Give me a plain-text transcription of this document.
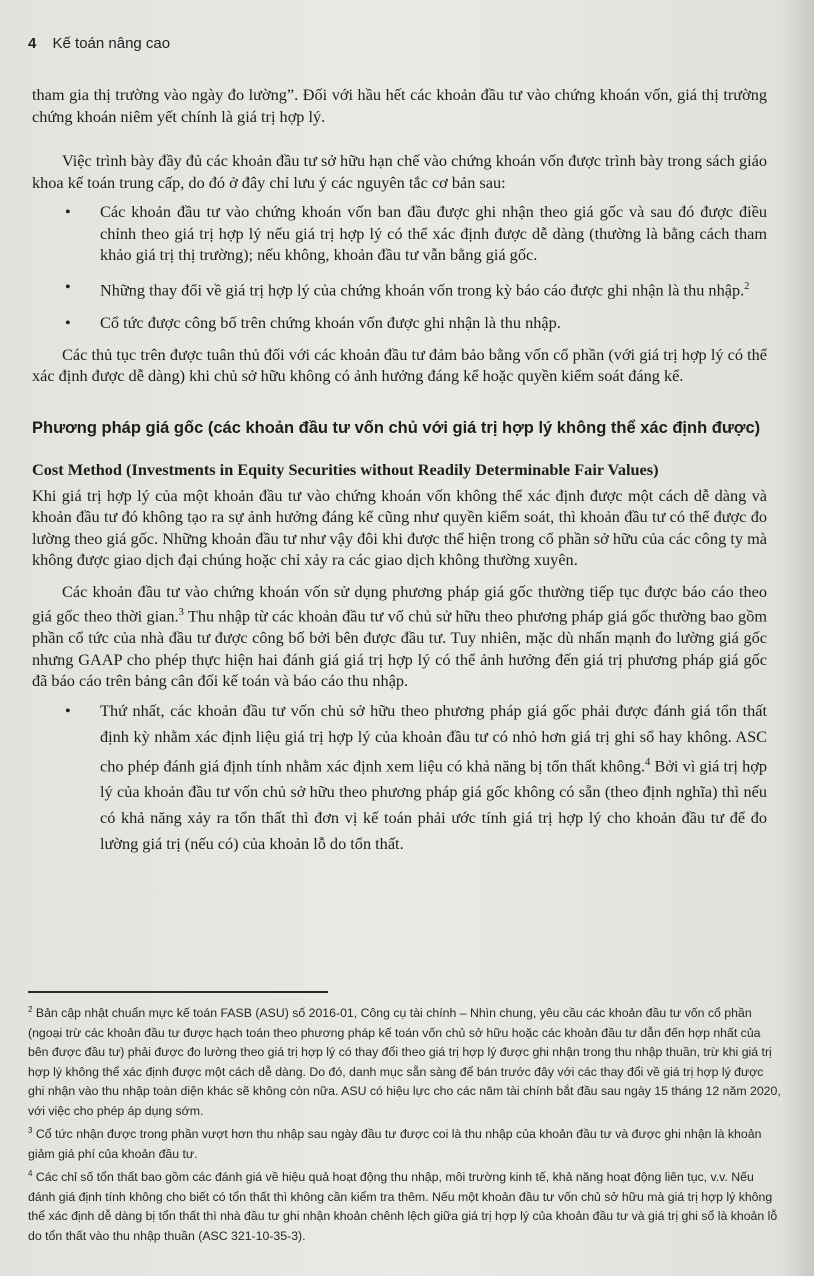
4 Kế toán nâng cao

tham gia thị trường vào ngày đo lường”. Đối với hầu hết các khoản đầu tư vào chứng khoán vốn, giá thị trường chứng khoán niêm yết chính là giá trị hợp lý.

Việc trình bày đầy đủ các khoản đầu tư sở hữu hạn chế vào chứng khoán vốn được trình bày trong sách giáo khoa kế toán trung cấp, do đó ở đây chỉ lưu ý các nguyên tắc cơ bản sau:

• Các khoản đầu tư vào chứng khoán vốn ban đầu được ghi nhận theo giá gốc và sau đó được điều chỉnh theo giá trị hợp lý nếu giá trị hợp lý có thể xác định được dễ dàng (thường là bằng cách tham khảo giá trị thị trường); nếu không, khoản đầu tư vẫn bằng giá gốc.
• Những thay đổi về giá trị hợp lý của chứng khoán vốn trong kỳ báo cáo được ghi nhận là thu nhập.$^2$
• Cổ tức được công bố trên chứng khoán vốn được ghi nhận là thu nhập.

Các thủ tục trên được tuân thủ đối với các khoản đầu tư đảm bảo bằng vốn cổ phần (với giá trị hợp lý có thể xác định được dễ dàng) khi chủ sở hữu không có ảnh hưởng đáng kể hoặc quyền kiểm soát đáng kể.

Phương pháp giá gốc (các khoản đầu tư vốn chủ với giá trị hợp lý không thể xác định được)
Cost Method (Investments in Equity Securities without Readily Determinable Fair Values)

Khi giá trị hợp lý của một khoản đầu tư vào chứng khoán vốn không thể xác định được một cách dễ dàng và khoản đầu tư đó không tạo ra sự ảnh hưởng đáng kể cũng như quyền kiểm soát, thì khoản đầu tư có thể được đo lường theo giá gốc. Những khoản đầu tư như vậy đôi khi được thể hiện trong cổ phần sở hữu của các công ty mà không được giao dịch đại chúng hoặc chỉ xảy ra các giao dịch không thường xuyên.

Các khoản đầu tư vào chứng khoán vốn sử dụng phương pháp giá gốc thường tiếp tục được báo cáo theo giá gốc theo thời gian.$^3$ Thu nhập từ các khoản đầu tư vố chủ sử hữu theo phương pháp giá gốc thường bao gồm phần cổ tức của nhà đầu tư được công bố bởi bên được đầu tư. Tuy nhiên, mặc dù nhấn mạnh đo lường giá gốc nhưng GAAP cho phép thực hiện hai đánh giá giá trị hợp lý có thể ảnh hưởng đến giá trị phương pháp giá gốc đã báo cáo trên bảng cân đối kế toán và báo cáo thu nhập.

• Thứ nhất, các khoản đầu tư vốn chủ sở hữu theo phương pháp giá gốc phải được đánh giá tổn thất định kỳ nhằm xác định liệu giá trị hợp lý của khoản đầu tư có nhỏ hơn giá trị ghi sổ hay không. ASC cho phép đánh giá định tính nhằm xác định xem liệu có khả năng bị tổn thất không.$^4$ Bởi vì giá trị hợp lý của khoản đầu tư vốn chủ sở hữu theo phương pháp giá gốc không có sẵn (theo định nghĩa) thì nếu có khả năng xảy ra tổn thất thì đơn vị kế toán phải ước tính giá trị hợp lý cho khoản đầu tư để đo lường giá trị (nếu có) của khoản lỗ do tổn thất.

$^2$ Bản cập nhật chuẩn mực kế toán FASB (ASU) số 2016-01, Công cụ tài chính – Nhìn chung, yêu cầu các khoản đầu tư vốn cổ phần (ngoại trừ các khoản đầu tư được hạch toán theo phương pháp kế toán vốn chủ sở hữu hoặc các khoản đầu tư dẫn đến hợp nhất của bên được đầu tư) phải được đo lường theo giá trị hợp lý có thay đổi theo giá trị hợp lý được ghi nhận trong thu nhập thuần, trừ khi giá trị hợp lý không thể xác định được một cách dễ dàng. Do đó, danh mục sẵn sàng để bán trước đây với các thay đổi về giá trị hợp lý được ghi nhận vào thu nhập toàn diện khác sẽ không còn nữa. ASU có hiệu lực cho các năm tài chính bắt đầu sau ngày 15 tháng 12 năm 2020, với việc cho phép áp dụng sớm.

$^3$ Cổ tức nhận được trong phần vượt hơn thu nhập sau ngày đầu tư được coi là thu nhập của khoản đầu tư và được ghi nhận là khoản giảm giá phí của khoản đầu tư.

$^4$ Các chỉ số tổn thất bao gồm các đánh giá về hiệu quả hoạt động thu nhập, môi trường kinh tế, khả năng hoạt động liên tục, v.v. Nếu đánh giá định tính không cho biết có tổn thất thì không cần kiểm tra thêm. Nếu một khoản đầu tư vốn chủ sở hữu mà giá trị hợp lý không thể xác định dễ dàng bị tổn thất thì nhà đầu tư ghi nhận khoản chênh lệch giữa giá trị hợp lý của khoản đầu tư và giá trị ghi sổ là khoản lỗ do tổn thất vào thu nhập thuần (ASC 321-10-35-3).
